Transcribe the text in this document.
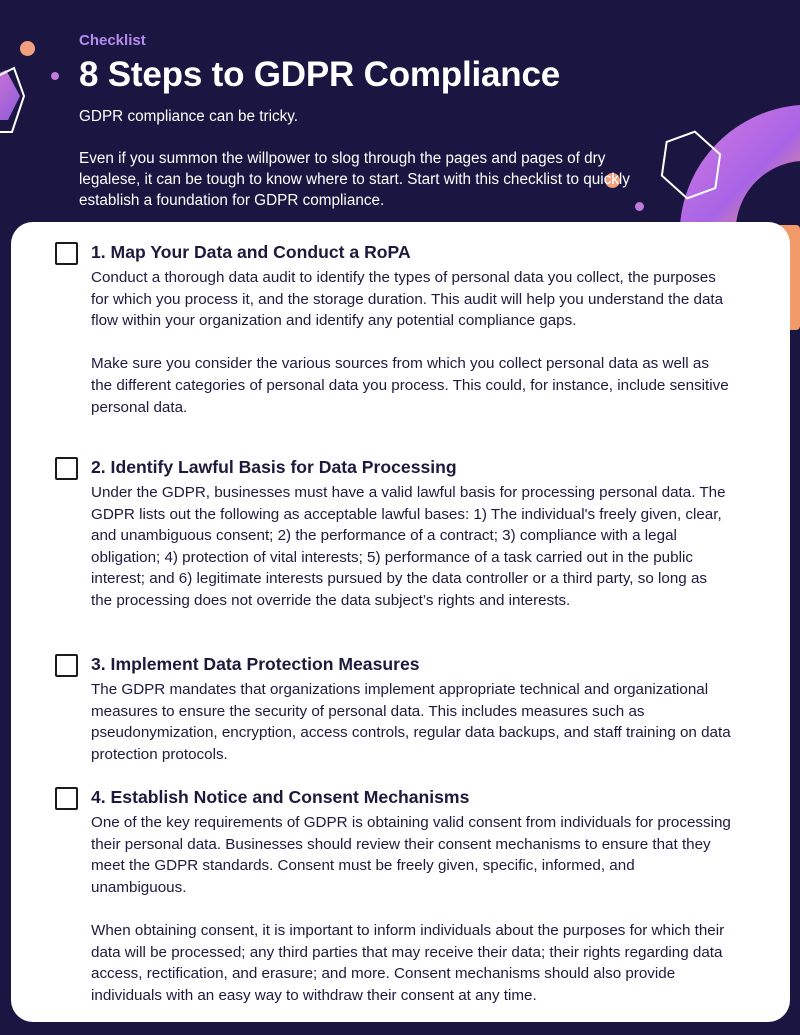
Checklist
8 Steps to GDPR Compliance

GDPR compliance can be tricky.

Even if you summon the willpower to slog through the pages and pages of dry legalese, it can be tough to know where to start. Start with this checklist to quickly establish a foundation for GDPR compliance.

1. Map Your Data and Conduct a RoPA

Conduct a thorough data audit to identify the types of personal data you collect, the purposes for which you process it, and the storage duration. This audit will help you understand the data flow within your organization and identify any potential compliance gaps.

Make sure you consider the various sources from which you collect personal data as well as the different categories of personal data you process. This could, for instance, include sensitive personal data.

2. Identify Lawful Basis for Data Processing

Under the GDPR, businesses must have a valid lawful basis for processing personal data. The GDPR lists out the following as acceptable lawful bases: 1) The individual's freely given, clear, and unambiguous consent; 2) the performance of a contract; 3) compliance with a legal obligation; 4) protection of vital interests; 5) performance of a task carried out in the public interest; and 6) legitimate interests pursued by the data controller or a third party, so long as the processing does not override the data subject’s rights and interests.

3. Implement Data Protection Measures

The GDPR mandates that organizations implement appropriate technical and organizational measures to ensure the security of personal data. This includes measures such as pseudonymization, encryption, access controls, regular data backups, and staff training on data protection protocols.

4. Establish Notice and Consent Mechanisms

One of the key requirements of GDPR is obtaining valid consent from individuals for processing their personal data. Businesses should review their consent mechanisms to ensure that they meet the GDPR standards. Consent must be freely given, specific, informed, and unambiguous.

When obtaining consent, it is important to inform individuals about the purposes for which their data will be processed; any third parties that may receive their data; their rights regarding data access, rectification, and erasure; and more. Consent mechanisms should also provide individuals with an easy way to withdraw their consent at any time.
